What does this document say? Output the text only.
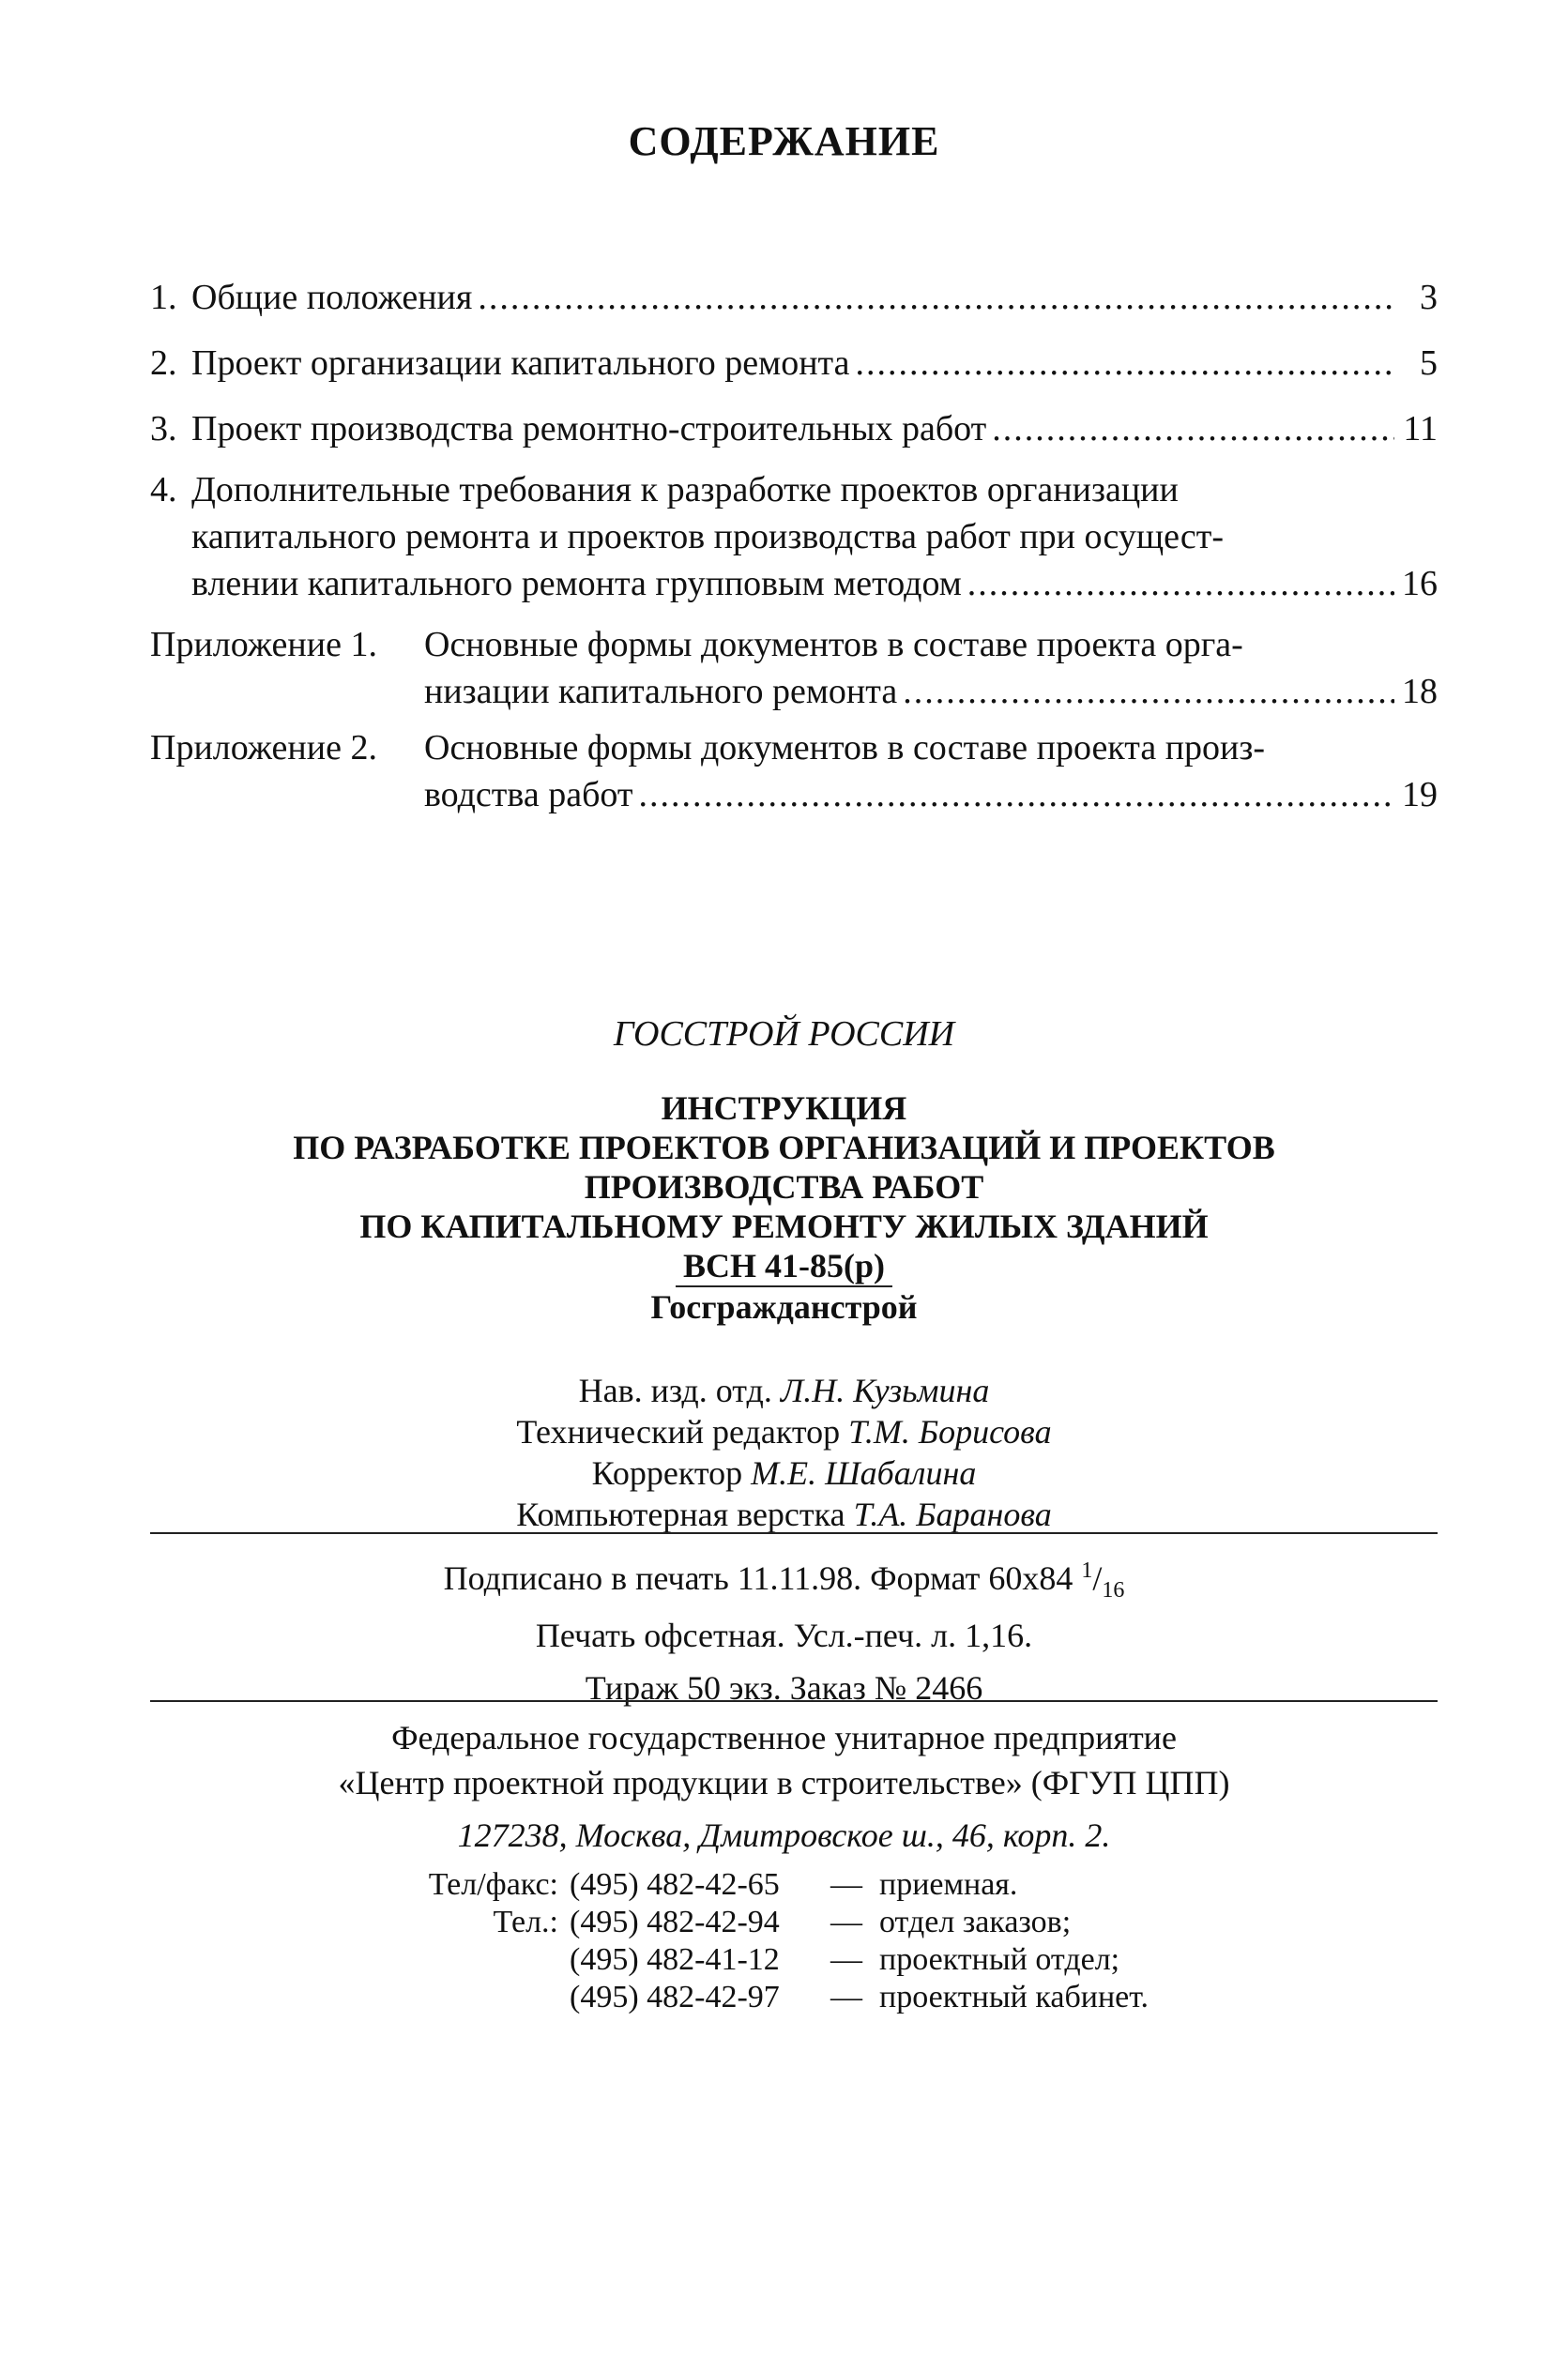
СОДЕРЖАНИЕ
1. Общие положения .....	3
2. Проект организации капитального ремонта .....	5
3. Проект производства ремонтно-строительных работ .....	11
4. Дополнительные требования к разработке проектов организации
капитального ремонта и проектов производства работ при осущест-
влении капитального ремонта групповым методом .....	16
Приложение 1. Основные формы документов в составе проекта орга-
низации капитального ремонта .....	18
Приложение 2. Основные формы документов в составе проекта произ-
водства работ .....	19
ГОССТРОЙ РОССИИ
ИНСТРУКЦИЯ
ПО РАЗРАБОТКЕ ПРОЕКТОВ ОРГАНИЗАЦИЙ И ПРОЕКТОВ
ПРОИЗВОДСТВА РАБОТ
ПО КАПИТАЛЬНОМУ РЕМОНТУ ЖИЛЫХ ЗДАНИЙ
ВСН 41-85(р)
Госгражданстрой
Нав. изд. отд. Л.Н. Кузьмина
Технический редактор Т.М. Борисова
Корректор М.Е. Шабалина
Компьютерная верстка Т.А. Баранова
Подписано в печать 11.11.98. Формат 60х84 $^1/_{16}$
Печать офсетная. Усл.-печ. л. 1,16.
Тираж 50 экз. Заказ № 2466
Федеральное государственное унитарное предприятие
«Центр проектной продукции в строительстве» (ФГУП ЦПП)
127238, Москва, Дмитровское ш., 46, корп. 2.
Тел/факс: (495) 482-42-65	— приемная.
Тел.: (495) 482-42-94	— отдел заказов;
(495) 482-41-12	— проектный отдел;
(495) 482-42-97	— проектный кабинет.
